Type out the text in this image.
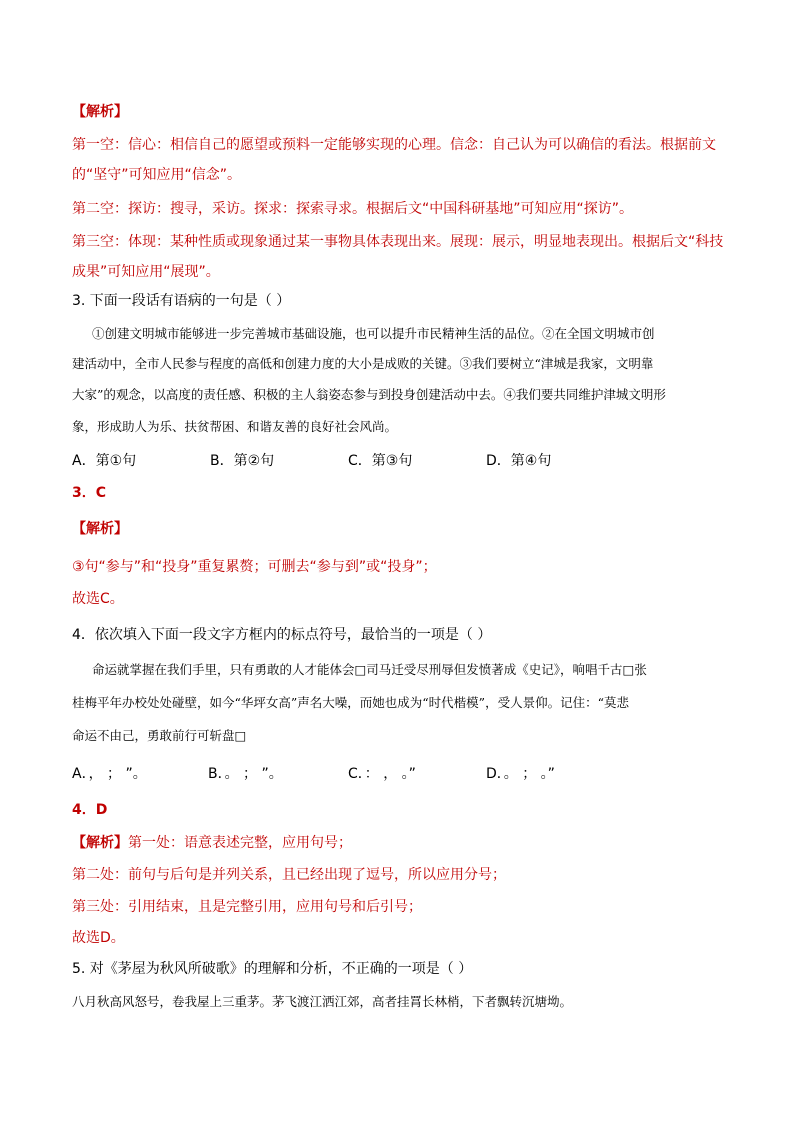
【解析】
第一空：信心：相信自己的愿望或预料一定能够实现的心理。信念：自己认为可以确信的看法。根据前文
的“坚守”可知应用“信念”。
第二空：探访：搜寻，采访。探求：探索寻求。根据后文“中国科研基地”可知应用“探访”。
第三空：体现：某种性质或现象通过某一事物具体表现出来。展现：展示，明显地表现出。根据后文“科技
成果”可知应用“展现”。
3. 下面一段话有语病的一句是（ ）
①创建文明城市能够进一步完善城市基础设施，也可以提升市民精神生活的品位。②在全国文明城市创
建活动中，全市人民参与程度的高低和创建力度的大小是成败的关键。③我们要树立“津城是我家，文明靠
大家”的观念，以高度的责任感、积极的主人翁姿态参与到投身创建活动中去。④我们要共同维护津城文明形
象，形成助人为乐、扶贫帮困、和谐友善的良好社会风尚。
A．第①句	B．第②句	C．第③句	D．第④句
3．C
【解析】
③句“参与”和“投身”重复累赘；可删去“参与到”或“投身”；
故选C。
4．依次填入下面一段文字方框内的标点符号，最恰当的一项是（ ）
命运就掌握在我们手里，只有勇敢的人才能体会□司马迁受尽刑辱但发愤著成《史记》，响唱千古□张
桂梅平年办校处处碰壁，如今“华坪女高”声名大噪，而她也成为“时代楷模”，受人景仰。记住：“莫悲
命运不由己，勇敢前行可斩盘□
A．， ； ”。	B．。 ； ”。	C．： ， 。”	D．。 ； 。”
4．D
【解析】第一处：语意表述完整，应用句号；
第二处：前句与后句是并列关系，且已经出现了逗号，所以应用分号；
第三处：引用结束，且是完整引用，应用句号和后引号；
故选D。
5. 对《茅屋为秋风所破歌》的理解和分析，不正确的一项是（ ）
八月秋高风怒号，卷我屋上三重茅。茅飞渡江洒江郊，高者挂罥长林梢，下者飘转沉塘坳。
